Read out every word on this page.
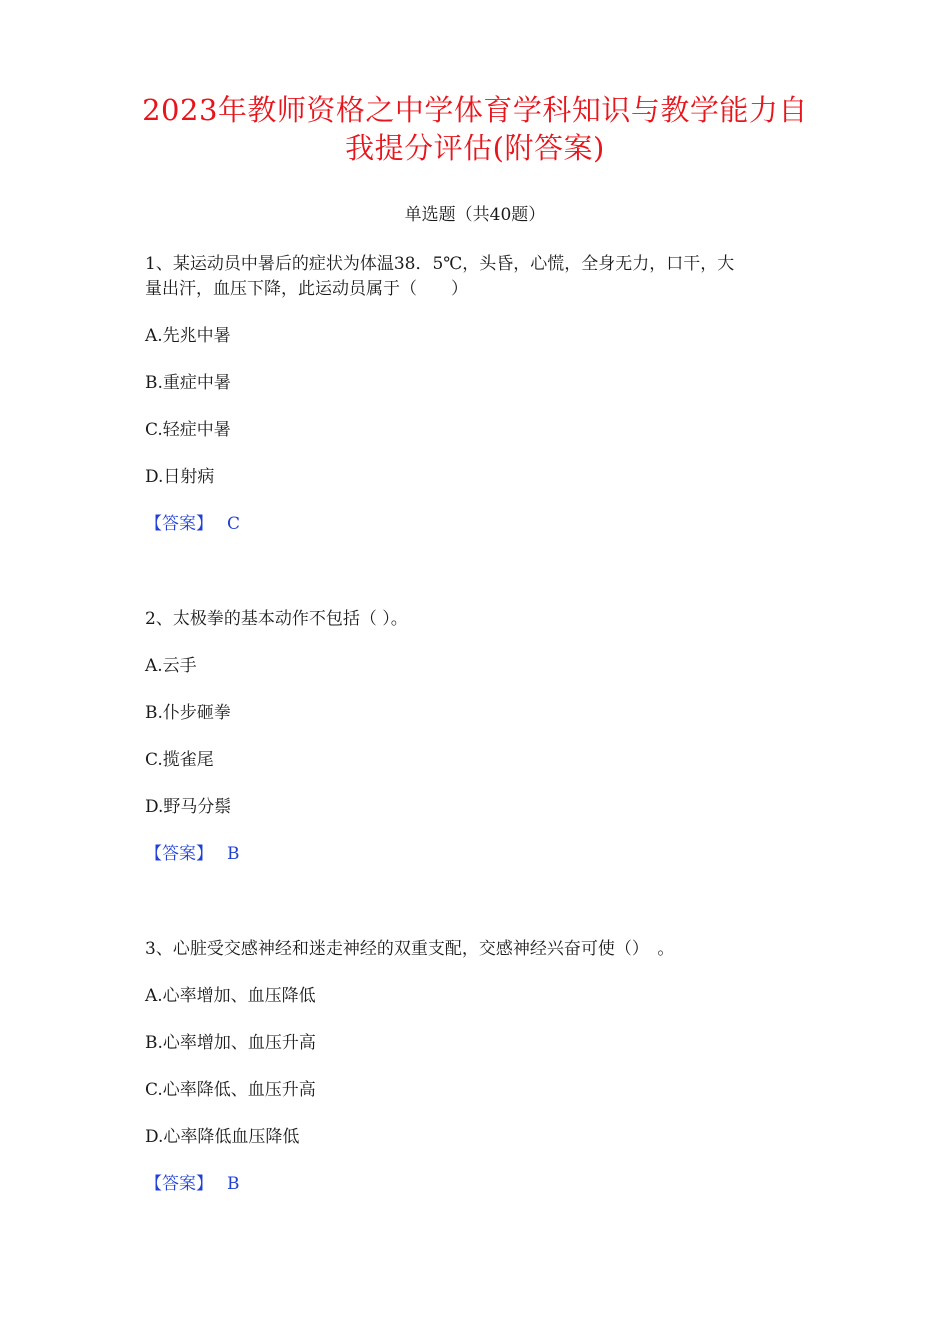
2023年教师资格之中学体育学科知识与教学能力自
我提分评估(附答案)
单选题（共40题）
1、某运动员中暑后的症状为体温38．5℃，头昏，心慌，全身无力，口干，大
量出汗，血压下降，此运动员属于（　　）
A.先兆中暑
B.重症中暑
C.轻症中暑
D.日射病
【答案】 C
2、太极拳的基本动作不包括（ ）。
A.云手
B.仆步砸拳
C.揽雀尾
D.野马分鬃
【答案】 B
3、心脏受交感神经和迷走神经的双重支配，交感神经兴奋可使（）　。
A.心率增加、血压降低
B.心率增加、血压升高
C.心率降低、血压升高
D.心率降低血压降低
【答案】 B
